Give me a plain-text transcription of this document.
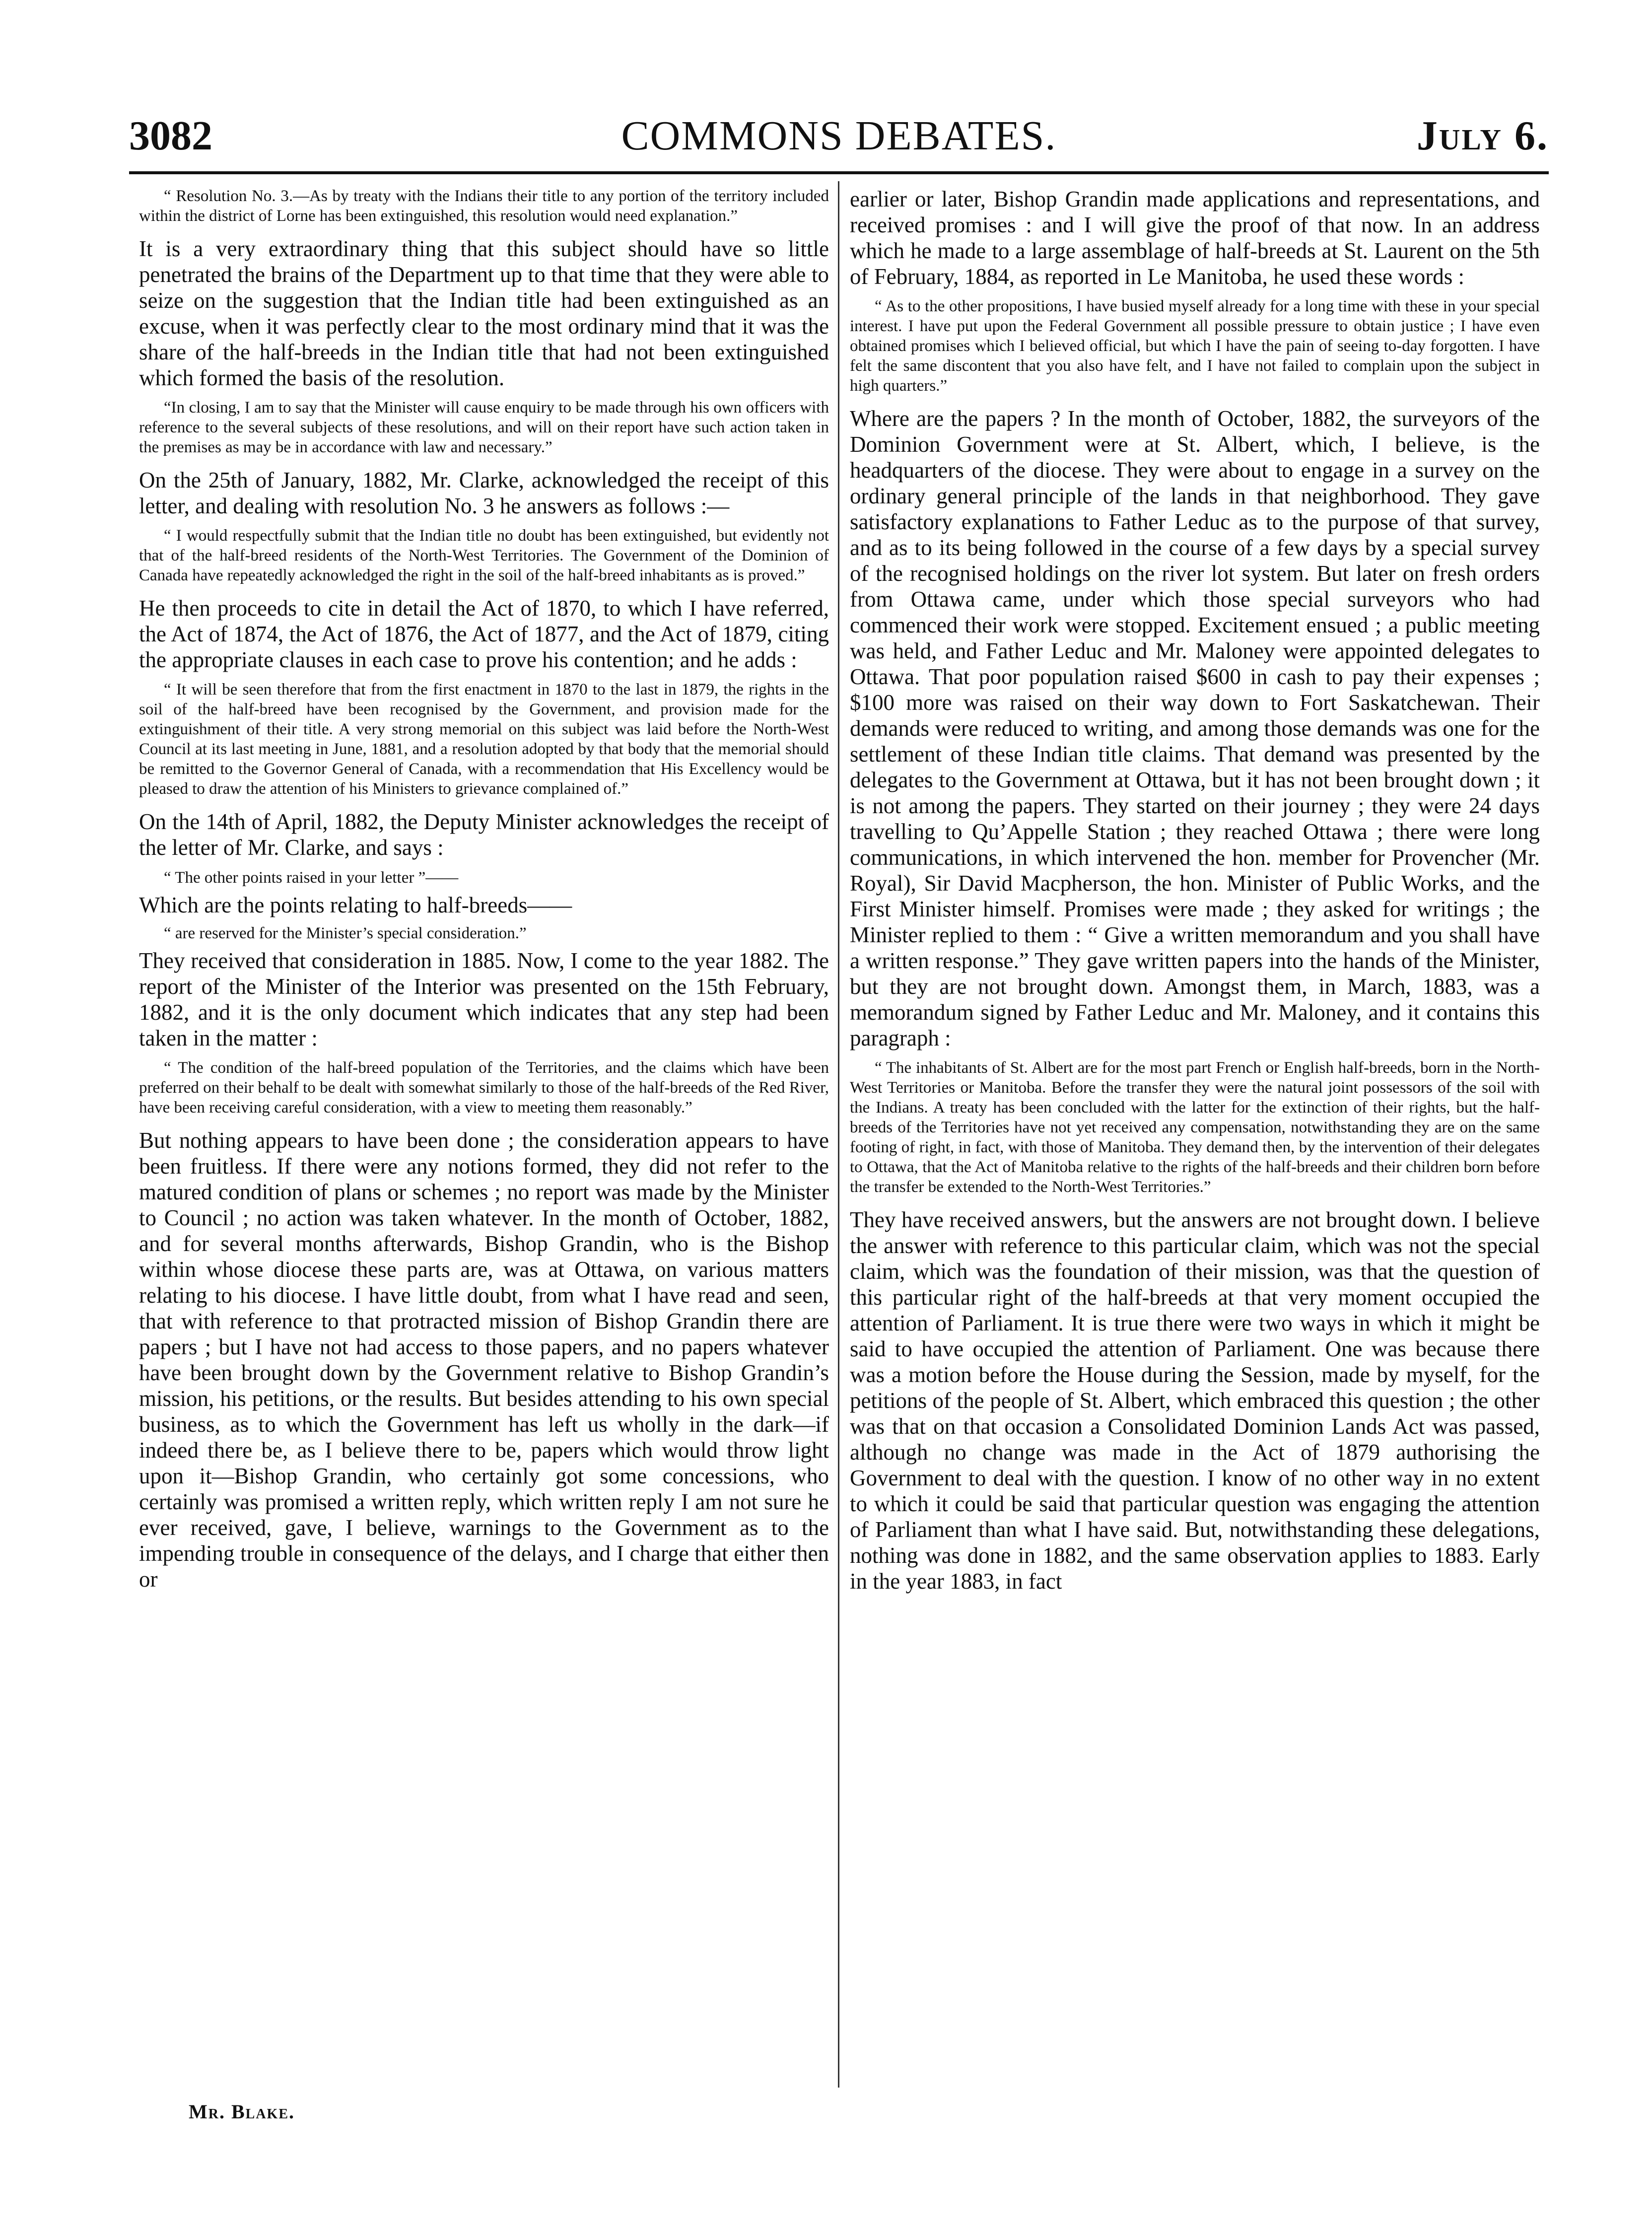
3082	COMMONS DEBATES.	July 6.

“ Resolution No. 3.—As by treaty with the Indians their title to any portion of the territory included within the district of Lorne has been extinguished, this resolution would need explanation.”

It is a very extraordinary thing that this subject should have so little penetrated the brains of the Department up to that time that they were able to seize on the suggestion that the Indian title had been extinguished as an excuse, when it was perfectly clear to the most ordinary mind that it was the share of the half-breeds in the Indian title that had not been extinguished which formed the basis of the resolution.

“In closing, I am to say that the Minister will cause enquiry to be made through his own officers with reference to the several subjects of these resolutions, and will on their report have such action taken in the premises as may be in accordance with law and necessary.”

On the 25th of January, 1882, Mr. Clarke, acknowledged the receipt of this letter, and dealing with resolution No. 3 he answers as follows :—

“ I would respectfully submit that the Indian title no doubt has been extinguished, but evidently not that of the half-breed residents of the North-West Territories. The Government of the Dominion of Canada have repeatedly acknowledged the right in the soil of the half-breed inhabitants as is proved.”

He then proceeds to cite in detail the Act of 1870, to which I have referred, the Act of 1874, the Act of 1876, the Act of 1877, and the Act of 1879, citing the appropriate clauses in each case to prove his contention; and he adds :

“ It will be seen therefore that from the first enactment in 1870 to the last in 1879, the rights in the soil of the half-breed have been recognised by the Government, and provision made for the extinguishment of their title. A very strong memorial on this subject was laid before the North-West Council at its last meeting in June, 1881, and a resolution adopted by that body that the memorial should be remitted to the Governor General of Canada, with a recommendation that His Excellency would be pleased to draw the attention of his Ministers to grievance complained of.”

On the 14th of April, 1882, the Deputy Minister acknowledges the receipt of the letter of Mr. Clarke, and says :

“ The other points raised in your letter ”——

Which are the points relating to half-breeds——

“ are reserved for the Minister’s special consideration.”

They received that consideration in 1885. Now, I come to the year 1882. The report of the Minister of the Interior was presented on the 15th February, 1882, and it is the only document which indicates that any step had been taken in the matter :

“ The condition of the half-breed population of the Territories, and the claims which have been preferred on their behalf to be dealt with somewhat similarly to those of the half-breeds of the Red River, have been receiving careful consideration, with a view to meeting them reasonably.”

But nothing appears to have been done ; the consideration appears to have been fruitless. If there were any notions formed, they did not refer to the matured condition of plans or schemes ; no report was made by the Minister to Council ; no action was taken whatever. In the month of October, 1882, and for several months afterwards, Bishop Grandin, who is the Bishop within whose diocese these parts are, was at Ottawa, on various matters relating to his diocese. I have little doubt, from what I have read and seen, that with reference to that protracted mission of Bishop Grandin there are papers ; but I have not had access to those papers, and no papers whatever have been brought down by the Government relative to Bishop Grandin’s mission, his petitions, or the results. But besides attending to his own special business, as to which the Government has left us wholly in the dark—if indeed there be, as I believe there to be, papers which would throw light upon it—Bishop Grandin, who certainly got some concessions, who certainly was promised a written reply, which written reply I am not sure he ever received, gave, I believe, warnings to the Government as to the impending trouble in consequence of the delays, and I charge that either then or

earlier or later, Bishop Grandin made applications and representations, and received promises : and I will give the proof of that now. In an address which he made to a large assemblage of half-breeds at St. Laurent on the 5th of February, 1884, as reported in Le Manitoba, he used these words :

“ As to the other propositions, I have busied myself already for a long time with these in your special interest. I have put upon the Federal Government all possible pressure to obtain justice ; I have even obtained promises which I believed official, but which I have the pain of seeing to-day forgotten. I have felt the same discontent that you also have felt, and I have not failed to complain upon the subject in high quarters.”

Where are the papers ? In the month of October, 1882, the surveyors of the Dominion Government were at St. Albert, which, I believe, is the headquarters of the diocese. They were about to engage in a survey on the ordinary general principle of the lands in that neighborhood. They gave satisfactory explanations to Father Leduc as to the purpose of that survey, and as to its being followed in the course of a few days by a special survey of the recognised holdings on the river lot system. But later on fresh orders from Ottawa came, under which those special surveyors who had commenced their work were stopped. Excitement ensued ; a public meeting was held, and Father Leduc and Mr. Maloney were appointed delegates to Ottawa. That poor population raised $600 in cash to pay their expenses ; $100 more was raised on their way down to Fort Saskatchewan. Their demands were reduced to writing, and among those demands was one for the settlement of these Indian title claims. That demand was presented by the delegates to the Government at Ottawa, but it has not been brought down ; it is not among the papers. They started on their journey ; they were 24 days travelling to Qu’Appelle Station ; they reached Ottawa ; there were long communications, in which intervened the hon. member for Provencher (Mr. Royal), Sir David Macpherson, the hon. Minister of Public Works, and the First Minister himself. Promises were made ; they asked for writings ; the Minister replied to them : “ Give a written memorandum and you shall have a written response.” They gave written papers into the hands of the Minister, but they are not brought down. Amongst them, in March, 1883, was a memorandum signed by Father Leduc and Mr. Maloney, and it contains this paragraph :

“ The inhabitants of St. Albert are for the most part French or English half-breeds, born in the North-West Territories or Manitoba. Before the transfer they were the natural joint possessors of the soil with the Indians. A treaty has been concluded with the latter for the extinction of their rights, but the half-breeds of the Territories have not yet received any compensation, notwithstanding they are on the same footing of right, in fact, with those of Manitoba. They demand then, by the intervention of their delegates to Ottawa, that the Act of Manitoba relative to the rights of the half-breeds and their children born before the transfer be extended to the North-West Territories.”

They have received answers, but the answers are not brought down. I believe the answer with reference to this particular claim, which was not the special claim, which was the foundation of their mission, was that the question of this particular right of the half-breeds at that very moment occupied the attention of Parliament. It is true there were two ways in which it might be said to have occupied the attention of Parliament. One was because there was a motion before the House during the Session, made by myself, for the petitions of the people of St. Albert, which embraced this question ; the other was that on that occasion a Consolidated Dominion Lands Act was passed, although no change was made in the Act of 1879 authorising the Government to deal with the question. I know of no other way in no extent to which it could be said that particular question was engaging the attention of Parliament than what I have said. But, notwithstanding these delegations, nothing was done in 1882, and the same observation applies to 1883. Early in the year 1883, in fact

Mr. Blake.
